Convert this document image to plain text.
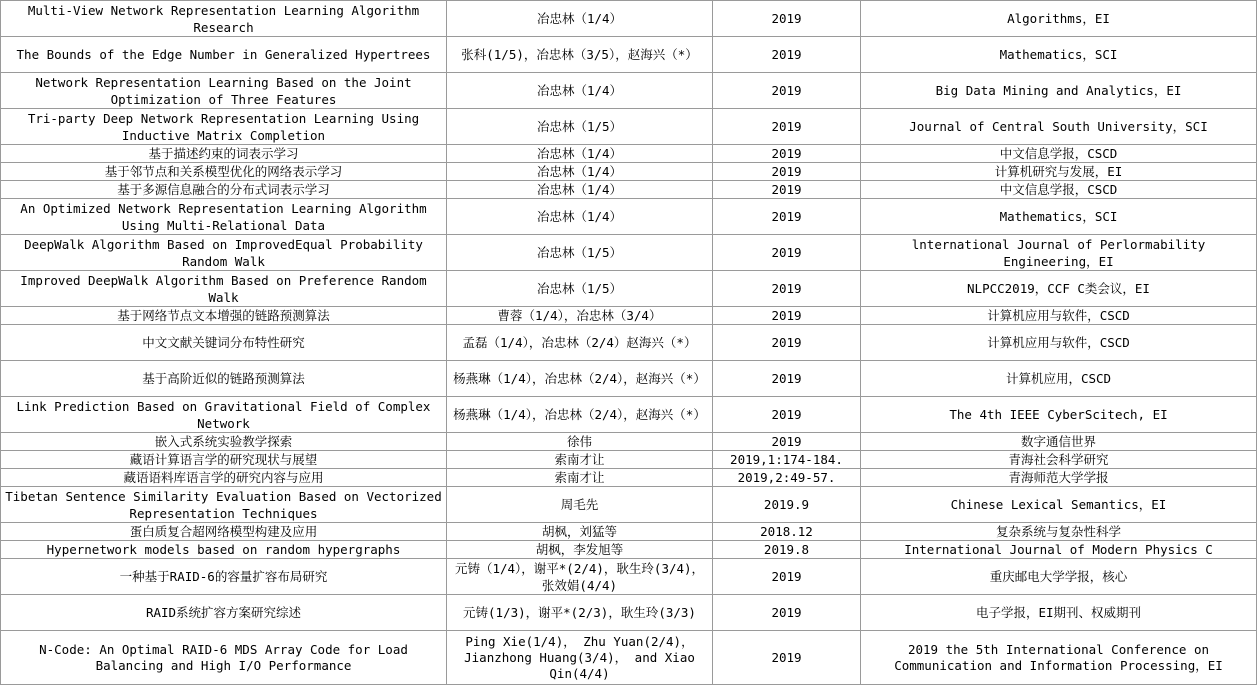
Multi-View Network Representation Learning Algorithm Research	冶忠林（1/4）	2019	Algorithms，EI
The Bounds of the Edge Number in Generalized Hypertrees	张科(1/5)，冶忠林（3/5），赵海兴（*）	2019	Mathematics，SCI
Network Representation Learning Based on the Joint Optimization of Three Features	冶忠林（1/4）	2019	Big Data Mining and Analytics，EI
Tri-party Deep Network Representation Learning Using Inductive Matrix Completion	冶忠林（1/5）	2019	Journal of Central South University，SCI
基于描述约束的词表示学习	冶忠林（1/4）	2019	中文信息学报，CSCD
基于邻节点和关系模型优化的网络表示学习	冶忠林（1/4）	2019	计算机研究与发展，EI
基于多源信息融合的分布式词表示学习	冶忠林（1/4）	2019	中文信息学报，CSCD
An Optimized Network Representation Learning Algorithm Using Multi-Relational Data	冶忠林（1/4）	2019	Mathematics，SCI
DeepWalk Algorithm Based on ImprovedEqual Probability Random Walk	冶忠林（1/5）	2019	lnternational Journal of Perlormability Engineering，EI
Improved DeepWalk Algorithm Based on Preference Random Walk	冶忠林（1/5）	2019	NLPCC2019，CCF C类会议，EI
基于网络节点文本增强的链路预测算法	曹蓉（1/4），冶忠林（3/4）	2019	计算机应用与软件，CSCD
中文文献关键词分布特性研究	孟磊（1/4），冶忠林（2/4）赵海兴（*）	2019	计算机应用与软件，CSCD
基于高阶近似的链路预测算法	杨燕琳（1/4），冶忠林（2/4），赵海兴（*）	2019	计算机应用，CSCD
Link Prediction Based on Gravitational Field of Complex Network	杨燕琳（1/4），冶忠林（2/4），赵海兴（*）	2019	The 4th IEEE CyberScitech, EI
嵌入式系统实验教学探索	徐伟	2019	数字通信世界
藏语计算语言学的研究现状与展望	索南才让	2019,1:174-184.	青海社会科学研究
藏语语料库语言学的研究内容与应用	索南才让	2019,2:49-57.	青海师范大学学报
Tibetan Sentence Similarity Evaluation Based on Vectorized Representation Techniques	周毛先	2019.9	Chinese Lexical Semantics，EI
蛋白质复合超网络模型构建及应用	胡枫，刘猛等	2018.12	复杂系统与复杂性科学
Hypernetwork models based on random hypergraphs	胡枫，李发旭等	2019.8	International Journal of Modern Physics C
一种基于RAID-6的容量扩容布局研究	元铸（1/4），谢平*(2/4)，耿生玲(3/4)，张效娟(4/4)	2019	重庆邮电大学学报，核心
RAID系统扩容方案研究综述	元铸(1/3)，谢平*(2/3)，耿生玲(3/3)	2019	电子学报，EI期刊、权威期刊
N-Code: An Optimal RAID-6 MDS Array Code for Load Balancing and High I/O Performance	Ping Xie(1/4)， Zhu Yuan(2/4)， Jianzhong Huang(3/4)， and Xiao Qin(4/4)	2019	2019 the 5th International Conference on Communication and Information Processing，EI
